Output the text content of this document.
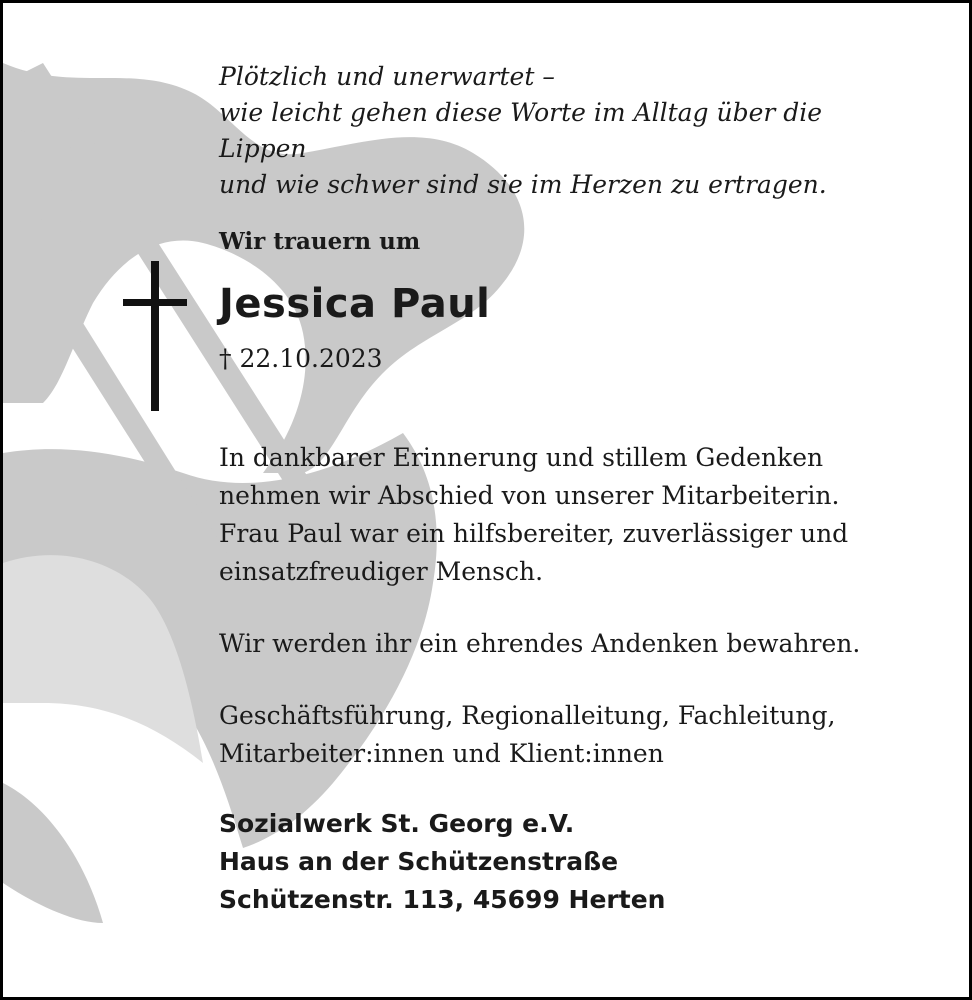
Plötzlich und unerwartet –
wie leicht gehen diese Worte im Alltag über die
Lippen
und wie schwer sind sie im Herzen zu ertragen.
Wir trauern um
Jessica Paul
† 22.10.2023
In dankbarer Erinnerung und stillem Gedenken
nehmen wir Abschied von unserer Mitarbeiterin.
Frau Paul war ein hilfsbereiter, zuverlässiger und
einsatzfreudiger Mensch.
Wir werden ihr ein ehrendes Andenken bewahren.
Geschäftsführung, Regionalleitung, Fachleitung,
Mitarbeiter:innen und Klient:innen
Sozialwerk St. Georg e.V.
Haus an der Schützenstraße
Schützenstr. 113, 45699 Herten
